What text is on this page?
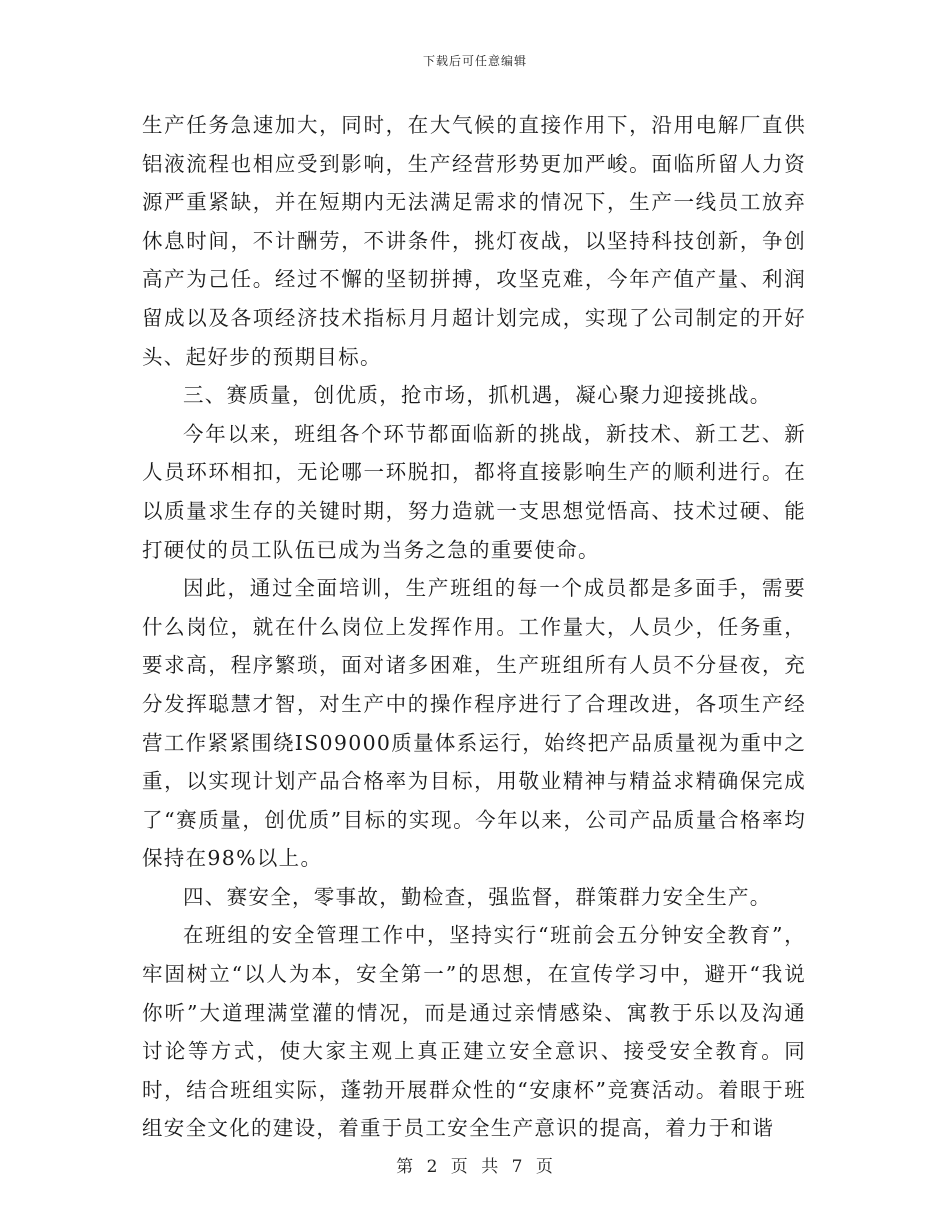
下载后可任意编辑

生产任务急速加大，同时，在大气候的直接作用下，沿用电解厂直供铝液流程也相应受到影响，生产经营形势更加严峻。面临所留人力资源严重紧缺，并在短期内无法满足需求的情况下，生产一线员工放弃休息时间，不计酬劳，不讲条件，挑灯夜战，以坚持科技创新，争创高产为己任。经过不懈的坚韧拼搏，攻坚克难，今年产值产量、利润留成以及各项经济技术指标月月超计划完成，实现了公司制定的开好头、起好步的预期目标。

三、赛质量，创优质，抢市场，抓机遇，凝心聚力迎接挑战。

今年以来，班组各个环节都面临新的挑战，新技术、新工艺、新人员环环相扣，无论哪一环脱扣，都将直接影响生产的顺利进行。在以质量求生存的关键时期，努力造就一支思想觉悟高、技术过硬、能打硬仗的员工队伍已成为当务之急的重要使命。

因此，通过全面培训，生产班组的每一个成员都是多面手，需要什么岗位，就在什么岗位上发挥作用。工作量大，人员少，任务重，要求高，程序繁琐，面对诸多困难，生产班组所有人员不分昼夜，充分发挥聪慧才智，对生产中的操作程序进行了合理改进，各项生产经营工作紧紧围绕IS09000质量体系运行，始终把产品质量视为重中之重，以实现计划产品合格率为目标，用敬业精神与精益求精确保完成了“赛质量，创优质”目标的实现。今年以来，公司产品质量合格率均保持在98%以上。

四、赛安全，零事故，勤检查，强监督，群策群力安全生产。

在班组的安全管理工作中，坚持实行“班前会五分钟安全教育”，牢固树立“以人为本，安全第一”的思想，在宣传学习中，避开“我说你听”大道理满堂灌的情况，而是通过亲情感染、寓教于乐以及沟通讨论等方式，使大家主观上真正建立安全意识、接受安全教育。同时，结合班组实际，蓬勃开展群众性的“安康杯”竞赛活动。着眼于班组安全文化的建设，着重于员工安全生产意识的提高，着力于和谐

第 2 页 共 7 页
